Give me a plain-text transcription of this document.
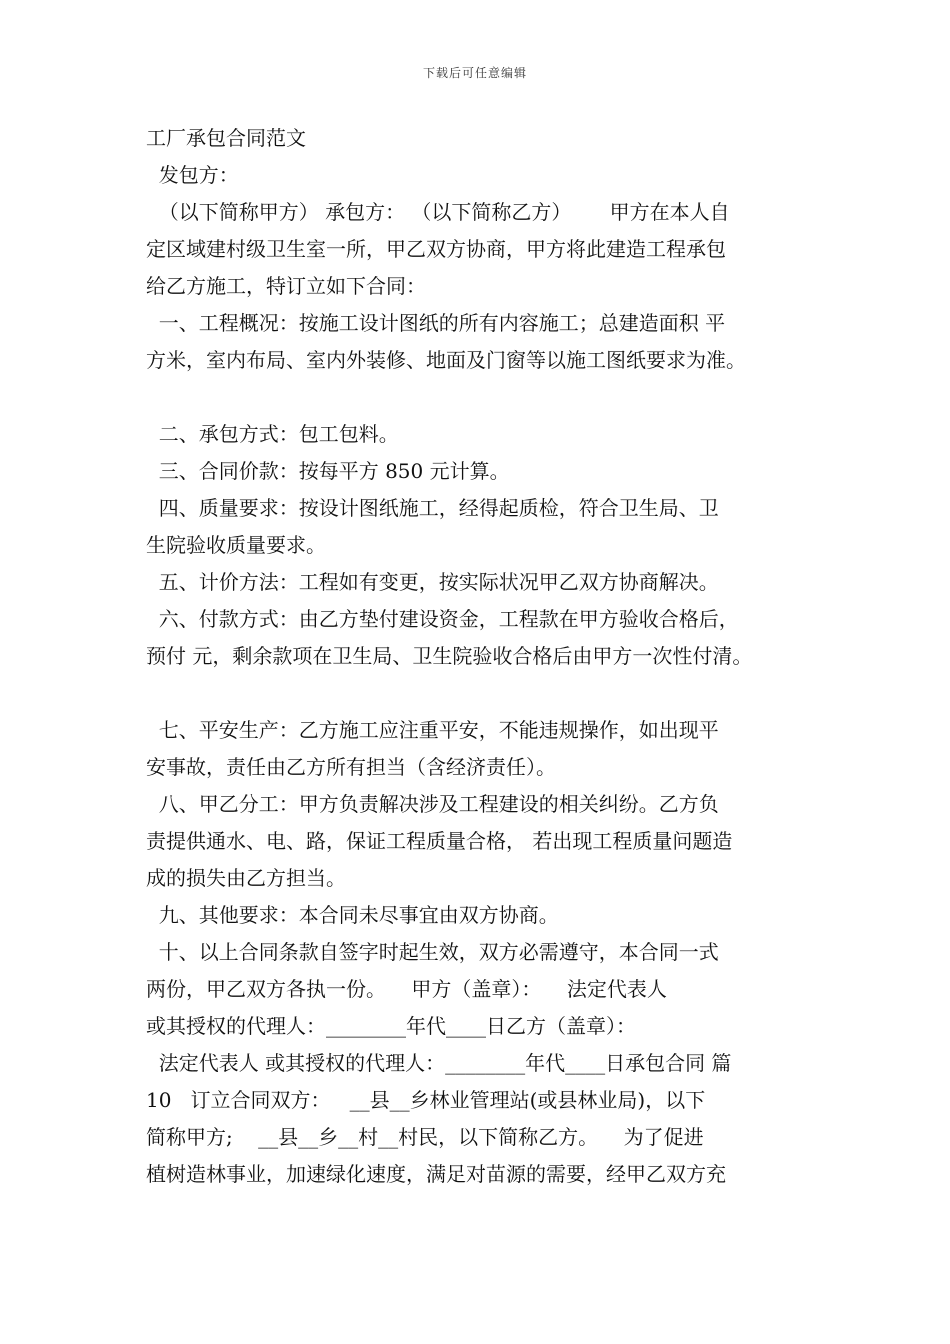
下载后可任意编辑
工厂承包合同范文
发包方：
（以下简称甲方） 承包方： （以下简称乙方）      甲方在本人自
定区域建村级卫生室一所，甲乙双方协商，甲方将此建造工程承包
给乙方施工，特订立如下合同：
一、工程概况：按施工设计图纸的所有内容施工；总建造面积 平
方米，室内布局、室内外装修、地面及门窗等以施工图纸要求为准。
二、承包方式：包工包料。
三、合同价款：按每平方 850 元计算。
四、质量要求：按设计图纸施工，经得起质检，符合卫生局、卫
生院验收质量要求。
五、计价方法：工程如有变更，按实际状况甲乙双方协商解决。
六、付款方式：由乙方垫付建设资金，工程款在甲方验收合格后，
预付 元，剩余款项在卫生局、卫生院验收合格后由甲方一次性付清。
七、平安生产：乙方施工应注重平安，不能违规操作，如出现平
安事故，责任由乙方所有担当（含经济责任）。
八、甲乙分工：甲方负责解决涉及工程建设的相关纠纷。乙方负
责提供通水、电、路，保证工程质量合格， 若出现工程质量问题造
成的损失由乙方担当。
九、其他要求：本合同未尽事宜由双方协商。
十、以上合同条款自签字时起生效，双方必需遵守，本合同一式
两份，甲乙双方各执一份。    甲方（盖章）：    法定代表人
或其授权的代理人：________年代____日乙方（盖章）：
法定代表人 或其授权的代理人：________年代____日承包合同 篇
10   订立合同双方：   __县__乡林业管理站(或县林业局)，以下
简称甲方;    __县__乡__村__村民，以下简称乙方。    为了促进
植树造林事业，加速绿化速度，满足对苗源的需要，经甲乙双方充
